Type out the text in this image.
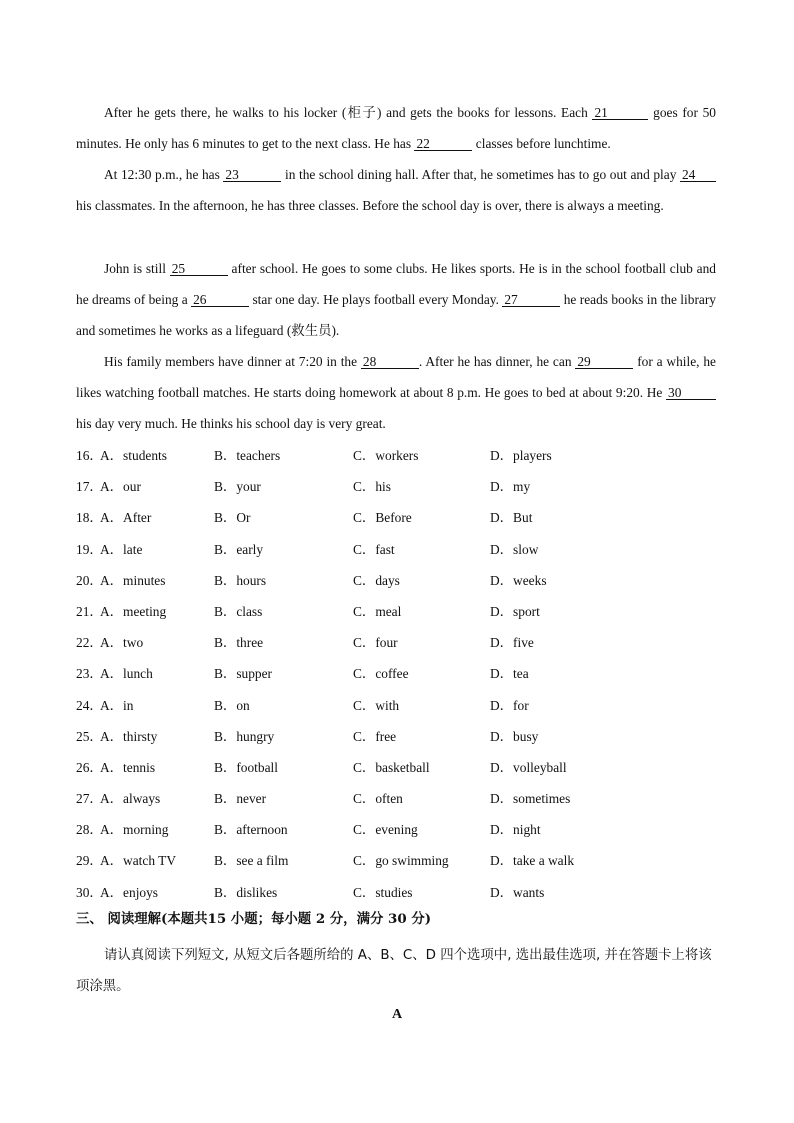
After he gets there, he walks to his locker (柜子) and gets the books for lessons. Each 21	goes for 50 minutes. He only has 6 minutes to get to the next class. He has 22	classes before lunchtime.

At 12:30 p.m., he has 23	in the school dining hall. After that, he sometimes has to go out and play 24 his classmates. In the afternoon, he has three classes. Before the school day is over, there is always a meeting.

John is still 25	after school. He goes to some clubs. He likes sports. He is in the school football club and he dreams of being a 26	star one day. He plays football every Monday. 27	he reads books in the library and sometimes he works as a lifeguard (救生员).

His family members have dinner at 7:20 in the 28	. After he has dinner, he can 29	for a while, he likes watching football matches. He starts doing homework at about 8 p.m. He goes to bed at about 9:20. He 30 his day very much. He thinks his school day is very great.

16．
A．students	B．teachers	C．workers	D．players
17．
A．our	B．your	C．his	D．my
18．
A．After	B．Or	C．Before	D．But
19．
A．late	B．early	C．fast	D．slow
20．
A．minutes	B．hours	C．days	D．weeks
21．
A．meeting	B．class	C．meal	D．sport
22．
A．two	B．three	C．four	D．five
23．
A．lunch	B．supper	C．coffee	D．tea
24．
A．in	B．on	C．with	D．for
25．
A．thirsty	B．hungry	C．free	D．busy
26．
A．tennis	B．football	C．basketball	D．volleyball
27．
A．always	B．never	C．often	D．sometimes
28．
A．morning	B．afternoon	C．evening	D．night
29．
A．watch TV	B．see a film	C．go swimming	D．take a walk
30．
A．enjoys	B．dislikes	C．studies	D．wants
三、 阅读理解(本题共15 小题；每小题 2 分，满分 30 分)
请认真阅读下列短文, 从短文后各题所给的 A、B、C、D 四个选项中, 选出最佳选项, 并在答题卡上将该项涂黑。
A
